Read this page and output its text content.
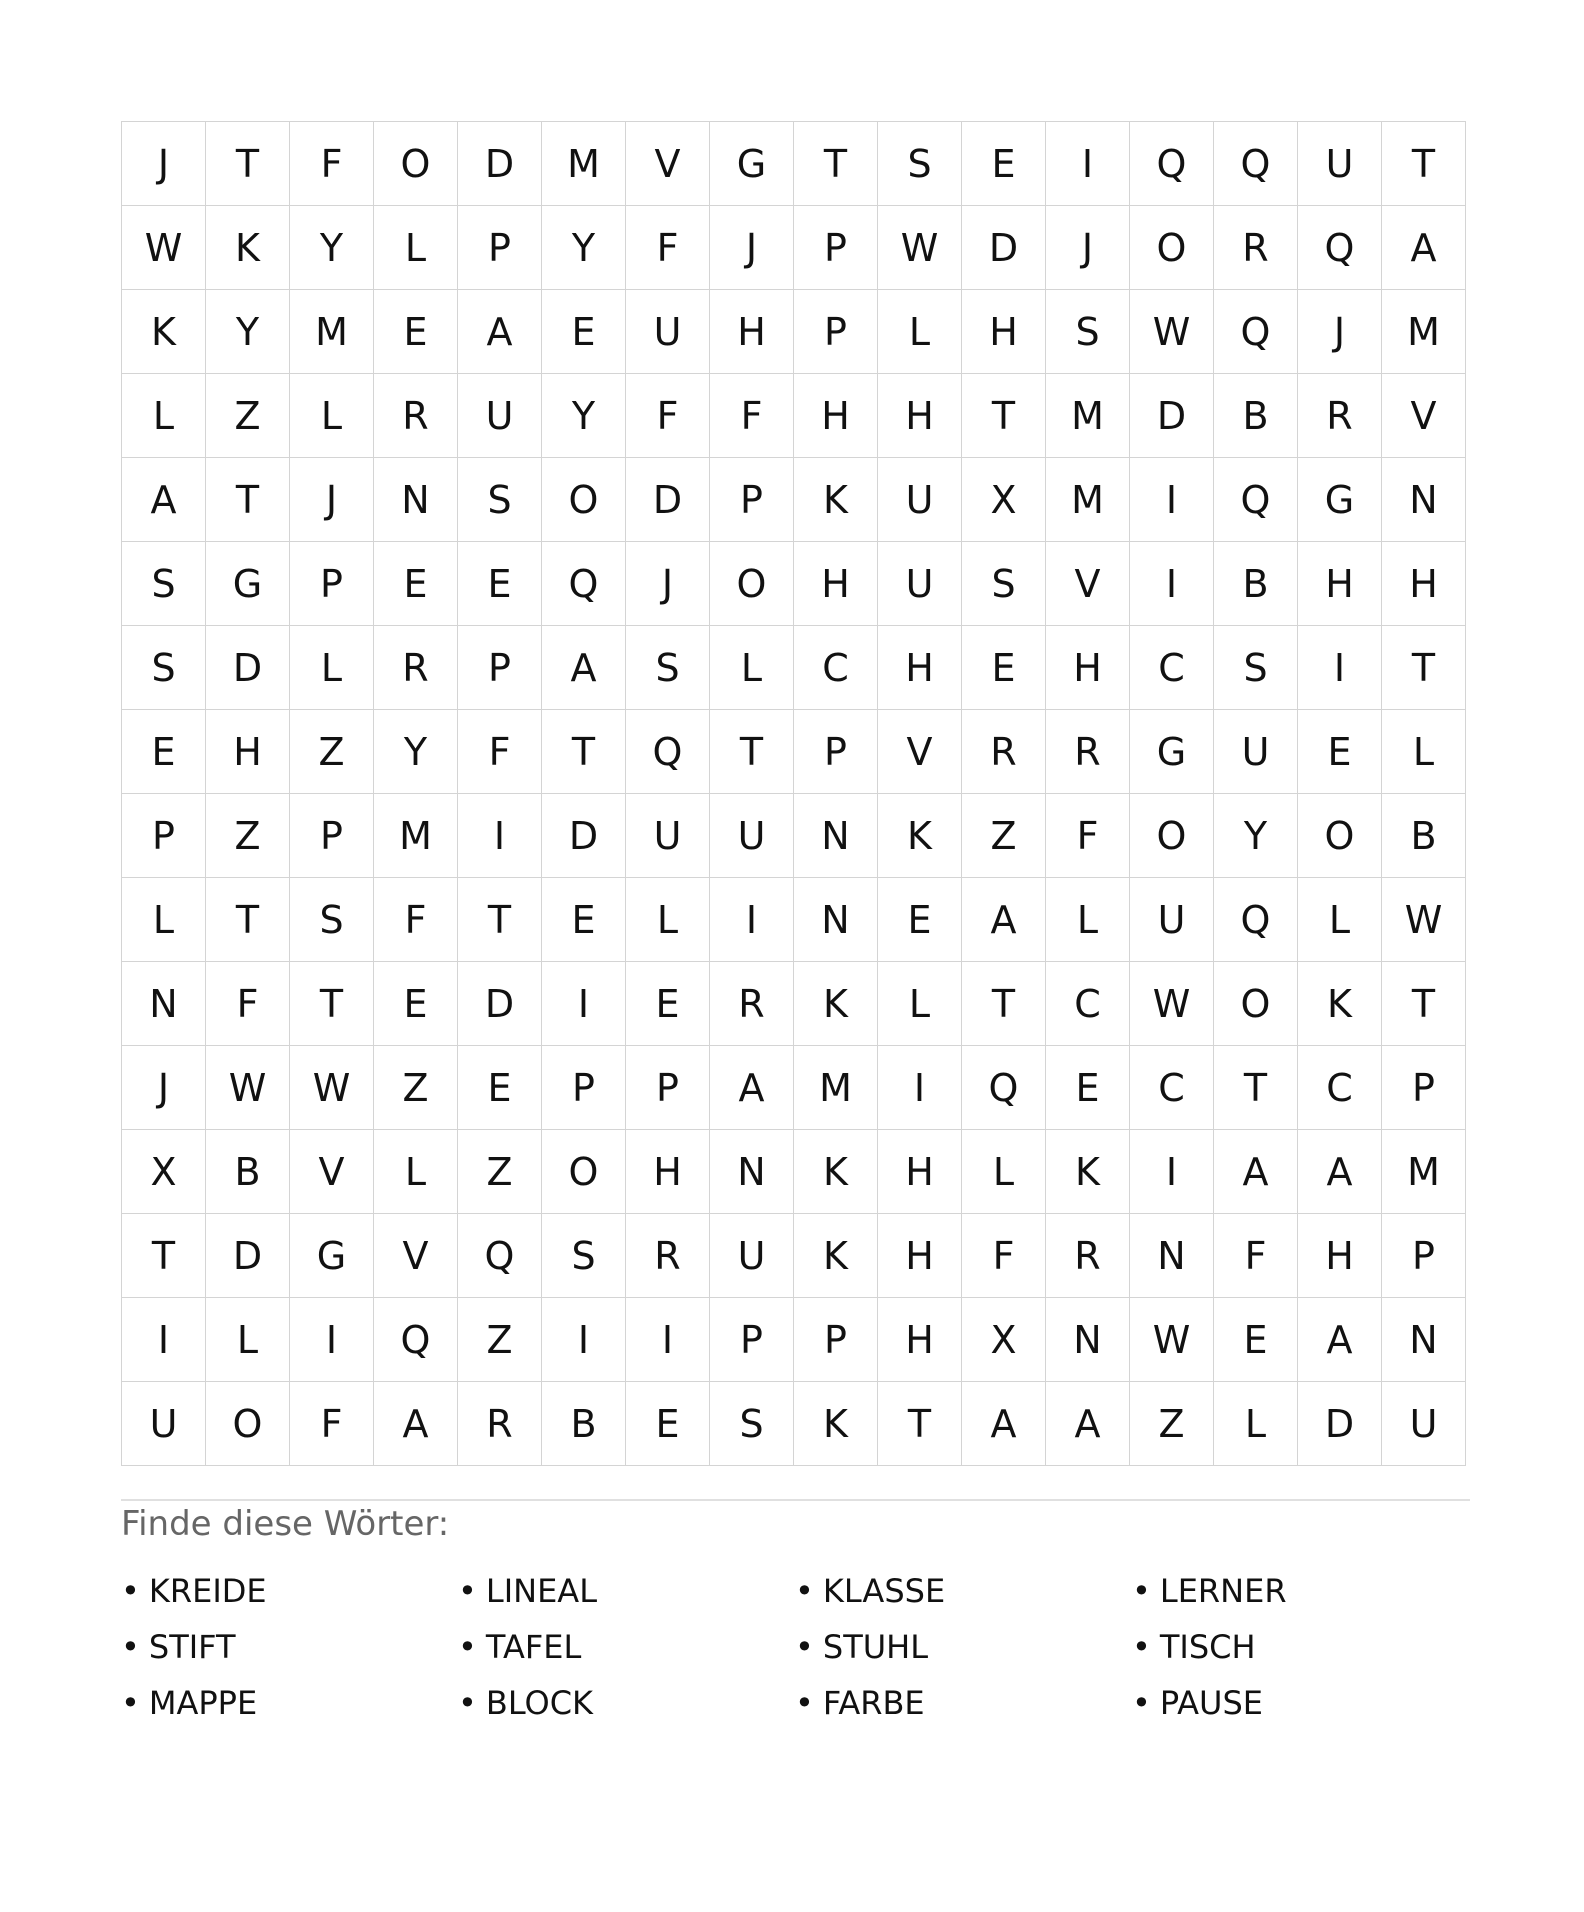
J	T	F	O	D	M	V	G	T	S	E	I	Q	Q	U	T
W	K	Y	L	P	Y	F	J	P	W	D	J	O	R	Q	A
K	Y	M	E	A	E	U	H	P	L	H	S	W	Q	J	M
L	Z	L	R	U	Y	F	F	H	H	T	M	D	B	R	V
A	T	J	N	S	O	D	P	K	U	X	M	I	Q	G	N
S	G	P	E	E	Q	J	O	H	U	S	V	I	B	H	H
S	D	L	R	P	A	S	L	C	H	E	H	C	S	I	T
E	H	Z	Y	F	T	Q	T	P	V	R	R	G	U	E	L
P	Z	P	M	I	D	U	U	N	K	Z	F	O	Y	O	B
L	T	S	F	T	E	L	I	N	E	A	L	U	Q	L	W
N	F	T	E	D	I	E	R	K	L	T	C	W	O	K	T
J	W	W	Z	E	P	P	A	M	I	Q	E	C	T	C	P
X	B	V	L	Z	O	H	N	K	H	L	K	I	A	A	M
T	D	G	V	Q	S	R	U	K	H	F	R	N	F	H	P
I	L	I	Q	Z	I	I	P	P	H	X	N	W	E	A	N
U	O	F	A	R	B	E	S	K	T	A	A	Z	L	D	U
Finde diese Wörter:
• KREIDE	• LINEAL	• KLASSE	• LERNER
• STIFT	• TAFEL	• STUHL	• TISCH
• MAPPE	• BLOCK	• FARBE	• PAUSE
